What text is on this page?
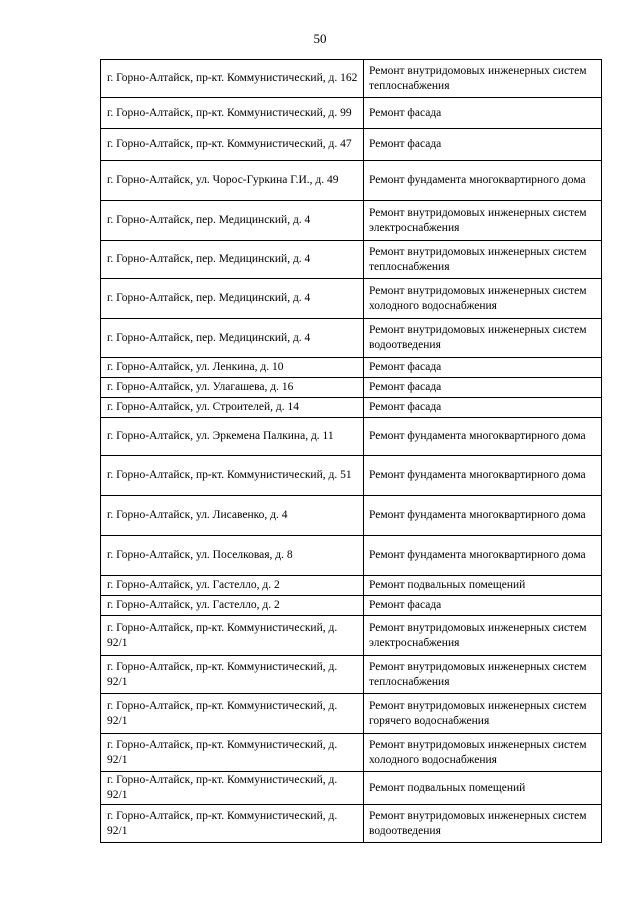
50
г. Горно-Алтайск, пр-кт. Коммунистический, д. 162	Ремонт внутридомовых инженерных систем теплоснабжения
г. Горно-Алтайск, пр-кт. Коммунистический, д. 99	Ремонт фасада
г. Горно-Алтайск, пр-кт. Коммунистический, д. 47	Ремонт фасада
г. Горно-Алтайск, ул. Чорос-Гуркина Г.И., д. 49	Ремонт фундамента многоквартирного дома
г. Горно-Алтайск, пер. Медицинский, д. 4	Ремонт внутридомовых инженерных систем электроснабжения
г. Горно-Алтайск, пер. Медицинский, д. 4	Ремонт внутридомовых инженерных систем теплоснабжения
г. Горно-Алтайск, пер. Медицинский, д. 4	Ремонт внутридомовых инженерных систем холодного водоснабжения
г. Горно-Алтайск, пер. Медицинский, д. 4	Ремонт внутридомовых инженерных систем водоотведения
г. Горно-Алтайск, ул. Ленкина, д. 10	Ремонт фасада
г. Горно-Алтайск, ул. Улагашева, д. 16	Ремонт фасада
г. Горно-Алтайск, ул. Строителей, д. 14	Ремонт фасада
г. Горно-Алтайск, ул. Эркемена Палкина, д. 11	Ремонт фундамента многоквартирного дома
г. Горно-Алтайск, пр-кт. Коммунистический, д. 51	Ремонт фундамента многоквартирного дома
г. Горно-Алтайск, ул. Лисавенко, д. 4	Ремонт фундамента многоквартирного дома
г. Горно-Алтайск, ул. Поселковая, д. 8	Ремонт фундамента многоквартирного дома
г. Горно-Алтайск, ул. Гастелло, д. 2	Ремонт подвальных помещений
г. Горно-Алтайск, ул. Гастелло, д. 2	Ремонт фасада
г. Горно-Алтайск, пр-кт. Коммунистический, д. 92/1	Ремонт внутридомовых инженерных систем электроснабжения
г. Горно-Алтайск, пр-кт. Коммунистический, д. 92/1	Ремонт внутридомовых инженерных систем теплоснабжения
г. Горно-Алтайск, пр-кт. Коммунистический, д. 92/1	Ремонт внутридомовых инженерных систем горячего водоснабжения
г. Горно-Алтайск, пр-кт. Коммунистический, д. 92/1	Ремонт внутридомовых инженерных систем холодного водоснабжения
г. Горно-Алтайск, пр-кт. Коммунистический, д. 92/1	Ремонт подвальных помещений
г. Горно-Алтайск, пр-кт. Коммунистический, д. 92/1	Ремонт внутридомовых инженерных систем водоотведения
